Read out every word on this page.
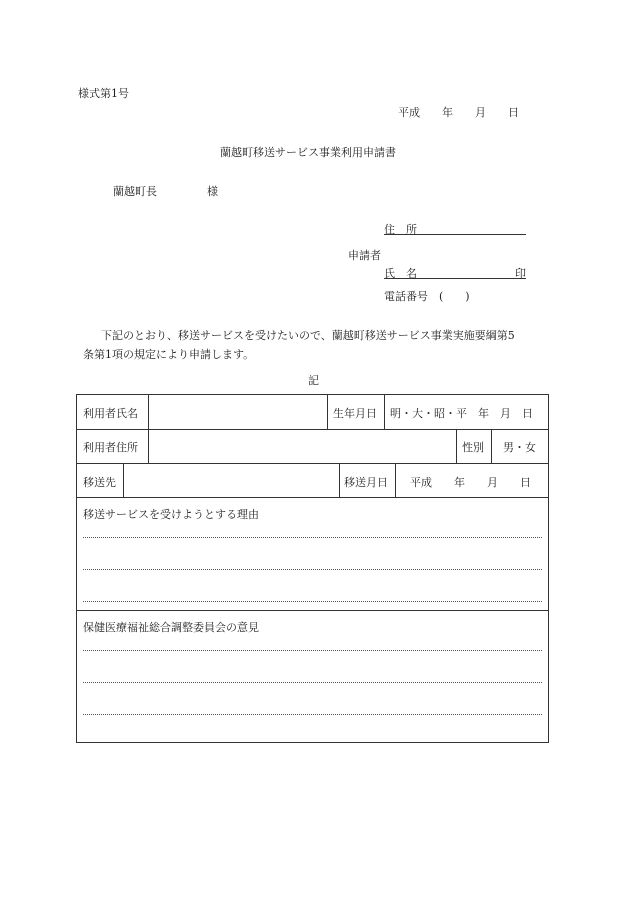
様式第1号
平成　　年　　月　　日
蘭越町移送サービス事業利用申請書
蘭越町長	様
住　所
申請者
氏　名	印
電話番号　(　　)
下記のとおり、移送サービスを受けたいので、蘭越町移送サービス事業実施要綱第5
条第1項の規定により申請します。
記
利用者氏名	生年月日 明・大・昭・平　年　月　日
利用者住所	性別 男・女
移送先	移送月日 平成　　年　　月　　日
移送サービスを受けようとする理由
保健医療福祉総合調整委員会の意見
